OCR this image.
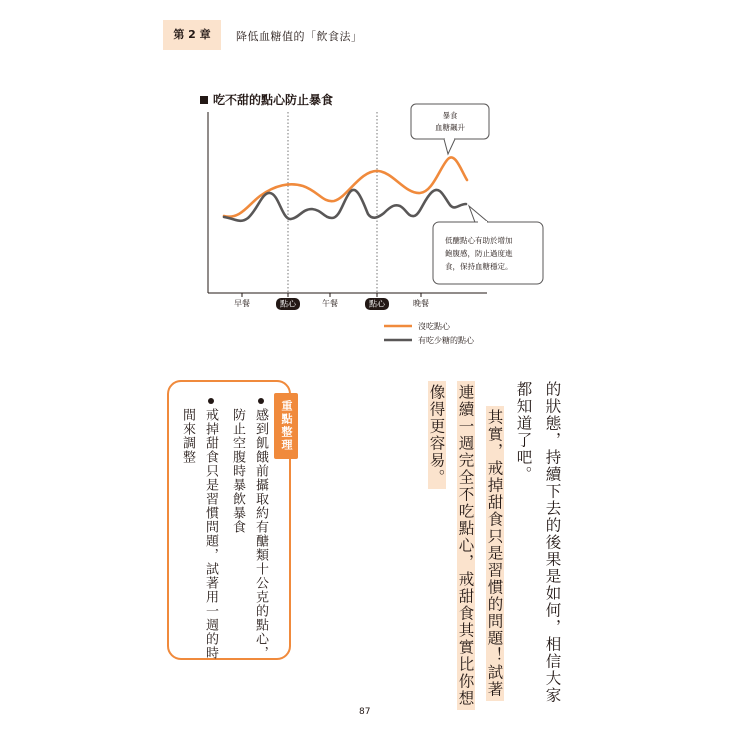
第 2 章	降低血糖值的「飲食法」
吃不甜的點心防止暴食
早餐	點心	午餐	點心	晚餐
暴食
血糖飆升
低醣點心有助於增加
飽腹感，防止過度進
食，保持血糖穩定。
沒吃點心
有吃少糖的點心
的狀態，持續下去的後果是如何，相信大家
都知道了吧。
其實，戒掉甜食只是習慣的問題！試著
連續一週完全不吃點心，戒甜食其實比你想
像得更容易。
重點整理
感到飢餓前攝取約有醣類十公克的點心，
防止空腹時暴飲暴食
戒掉甜食只是習慣問題，試著用一週的時
間來調整
87
